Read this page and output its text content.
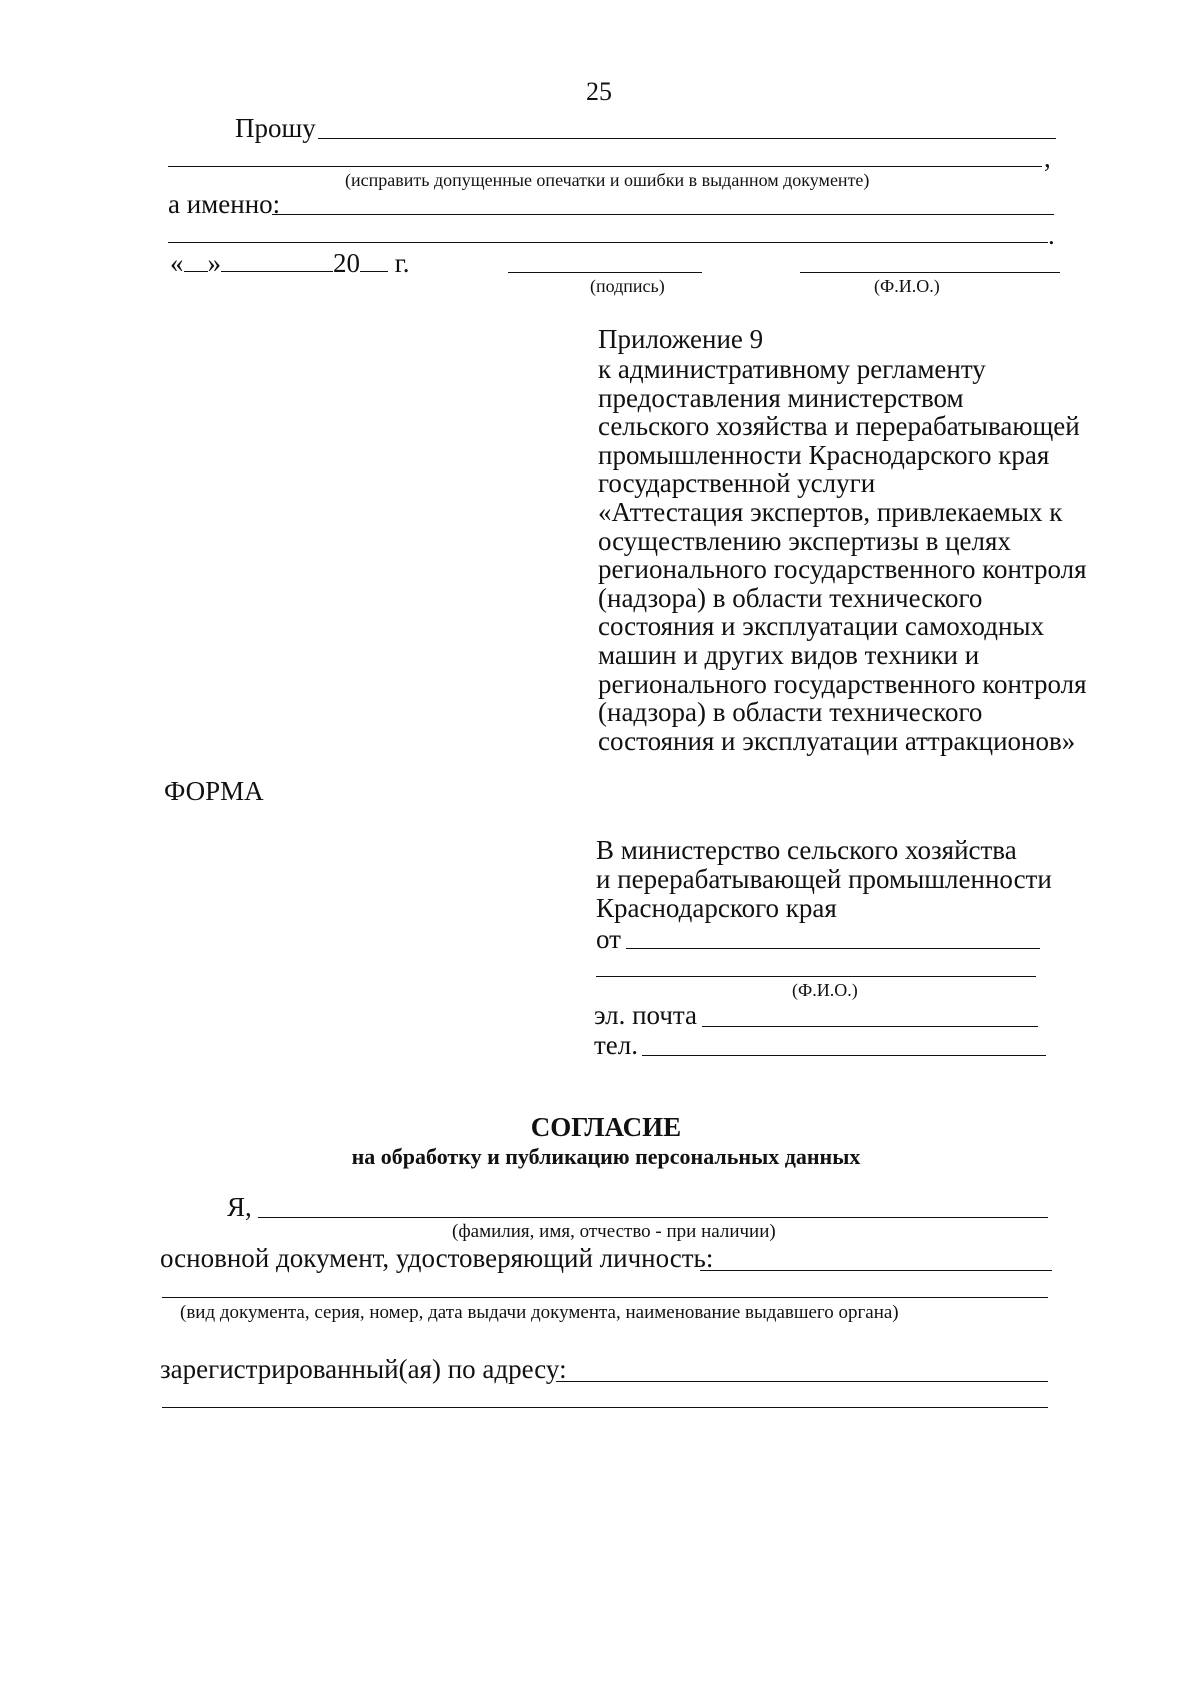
25
Прошу
,
(исправить допущенные опечатки и ошибки в выданном документе)
а именно:
.
« »	20 г.
(подпись)	(Ф.И.О.)
Приложение 9
к административному регламенту
предоставления министерством
сельского хозяйства и перерабатывающей
промышленности Краснодарского края
государственной услуги
«Аттестация экспертов, привлекаемых к
осуществлению экспертизы в целях
регионального государственного контроля
(надзора) в области технического
состояния и эксплуатации самоходных
машин и других видов техники и
регионального государственного контроля
(надзора) в области технического
состояния и эксплуатации аттракционов»
ФОРМА
В министерство сельского хозяйства
и перерабатывающей промышленности
Краснодарского края
от
(Ф.И.О.)
эл. почта
тел.
СОГЛАСИЕ
на обработку и публикацию персональных данных
Я,
(фамилия, имя, отчество - при наличии)
основной документ, удостоверяющий личность:
(вид документа, серия, номер, дата выдачи документа, наименование выдавшего органа)
зарегистрированный(ая) по адресу:
